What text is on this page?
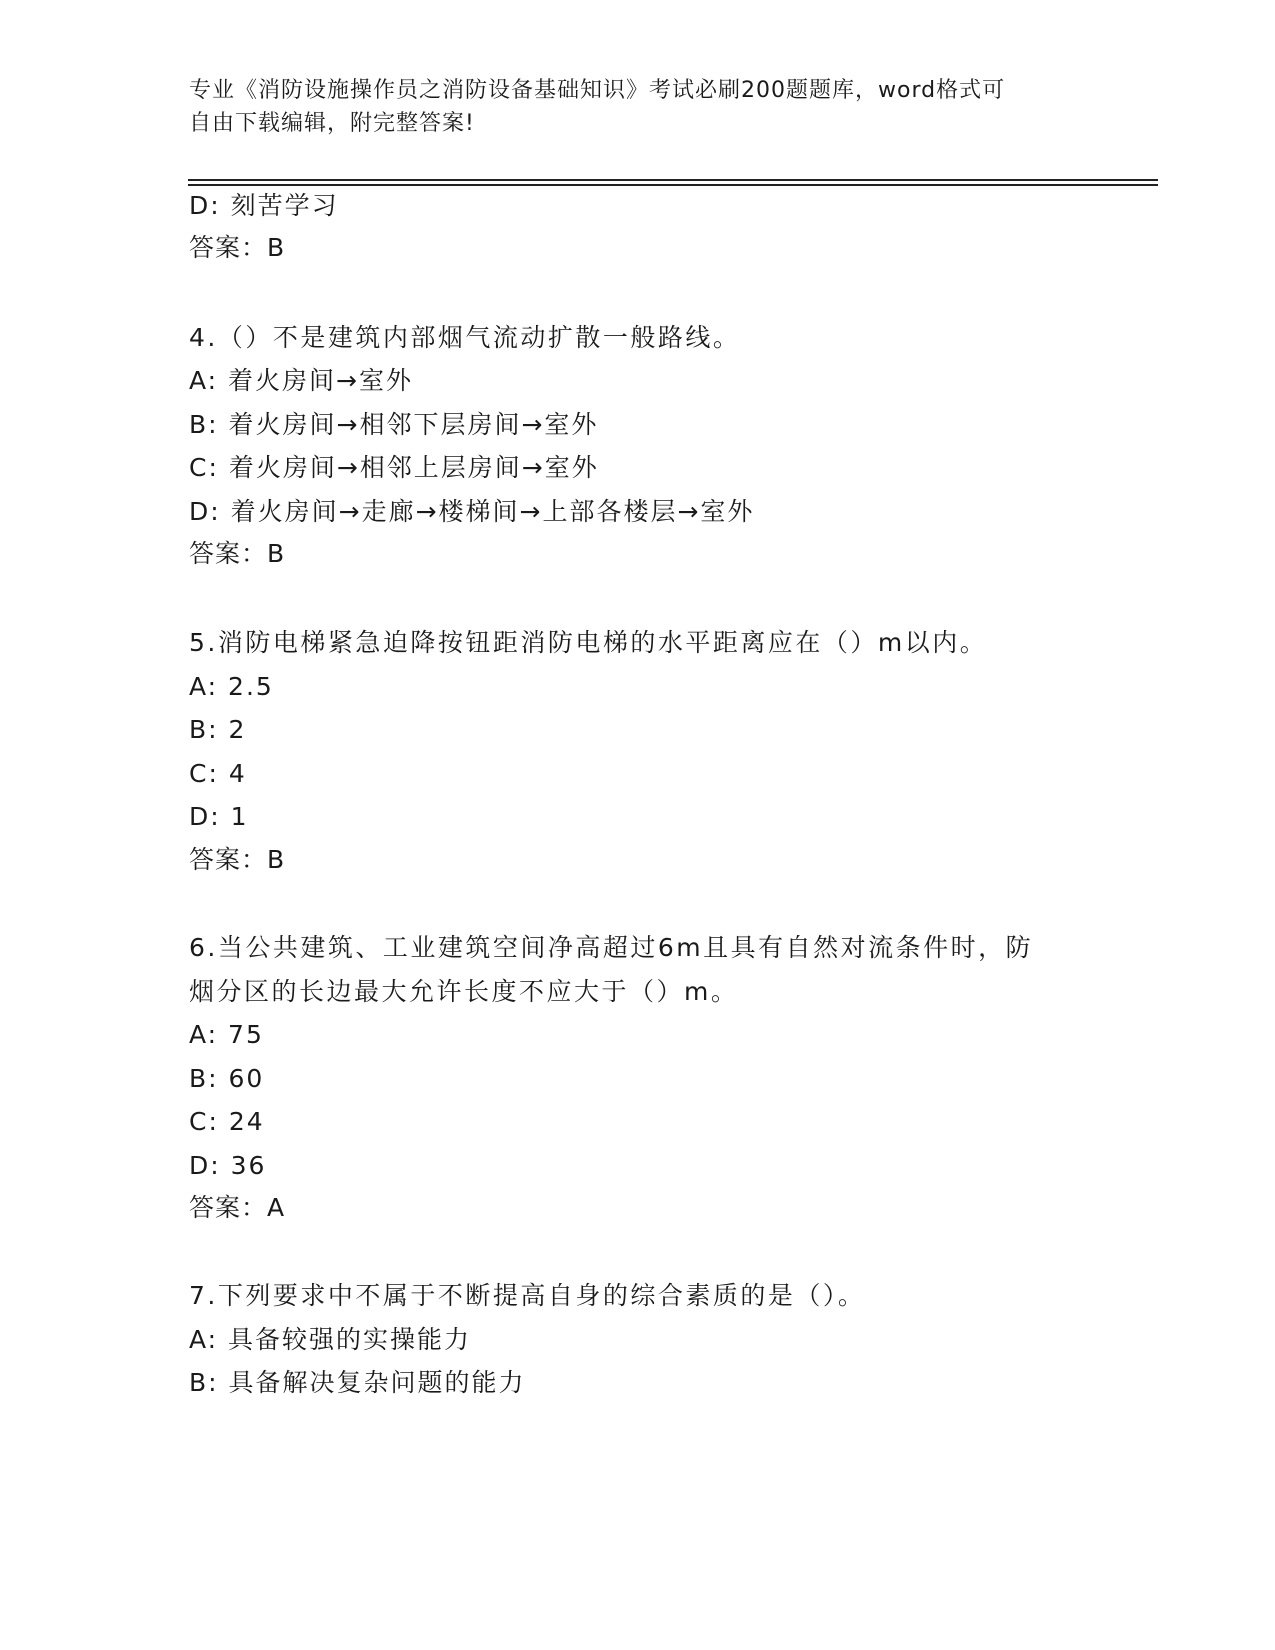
专业《消防设施操作员之消防设备基础知识》考试必刷200题题库，word格式可
自由下载编辑，附完整答案!
D: 刻苦学习
答案：B
4.（）不是建筑内部烟气流动扩散一般路线。
A: 着火房间→室外
B: 着火房间→相邻下层房间→室外
C: 着火房间→相邻上层房间→室外
D: 着火房间→走廊→楼梯间→上部各楼层→室外
答案：B
5.消防电梯紧急迫降按钮距消防电梯的水平距离应在（）m以内。
A: 2.5
B: 2
C: 4
D: 1
答案：B
6.当公共建筑、工业建筑空间净高超过6m且具有自然对流条件时，防
烟分区的长边最大允许长度不应大于（）m。
A: 75
B: 60
C: 24
D: 36
答案：A
7.下列要求中不属于不断提高自身的综合素质的是（）。
A: 具备较强的实操能力
B: 具备解决复杂问题的能力
